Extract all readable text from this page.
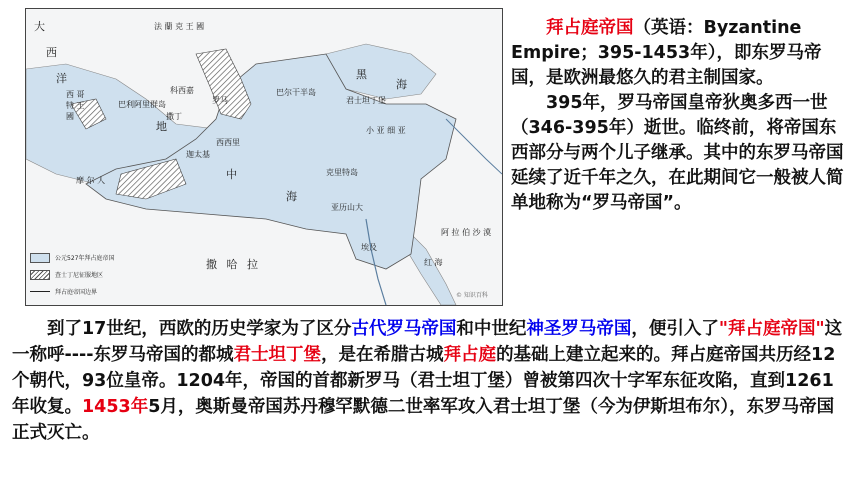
法 蘭 克 王 國
大
西
洋
西 哥
特 王
國
摩 尔 人
地
中
海
黑
海
撒 哈 拉
阿 拉 伯 沙 漠
巴尔干半岛
小 亚 细 亚
克里特岛
亚历山大
埃及
红 海
罗马
科西嘉
撒丁
西西里
巴利阿里群岛	君士坦丁堡
迦太基
公元527年拜占庭帝国
查士丁尼征服地区
拜占庭帝国边界	© 知识百科

拜占庭帝国（英语：Byzantine Empire；395-1453年），即东罗马帝国，是欧洲最悠久的君主制国家。

395年，罗马帝国皇帝狄奥多西一世（346-395年）逝世。临终前，将帝国东西部分与两个儿子继承。其中的东罗马帝国延续了近千年之久，在此期间它一般被人简单地称为“罗马帝国”。

到了17世纪，西欧的历史学家为了区分古代罗马帝国和中世纪神圣罗马帝国，便引入了"拜占庭帝国"这一称呼----东罗马帝国的都城君士坦丁堡，是在希腊古城拜占庭的基础上建立起来的。拜占庭帝国共历经12个朝代，93位皇帝。1204年，帝国的首都新罗马（君士坦丁堡）曾被第四次十字军东征攻陷，直到1261年收复。1453年5月，奥斯曼帝国苏丹穆罕默德二世率军攻入君士坦丁堡（今为伊斯坦布尔），东罗马帝国正式灭亡。
